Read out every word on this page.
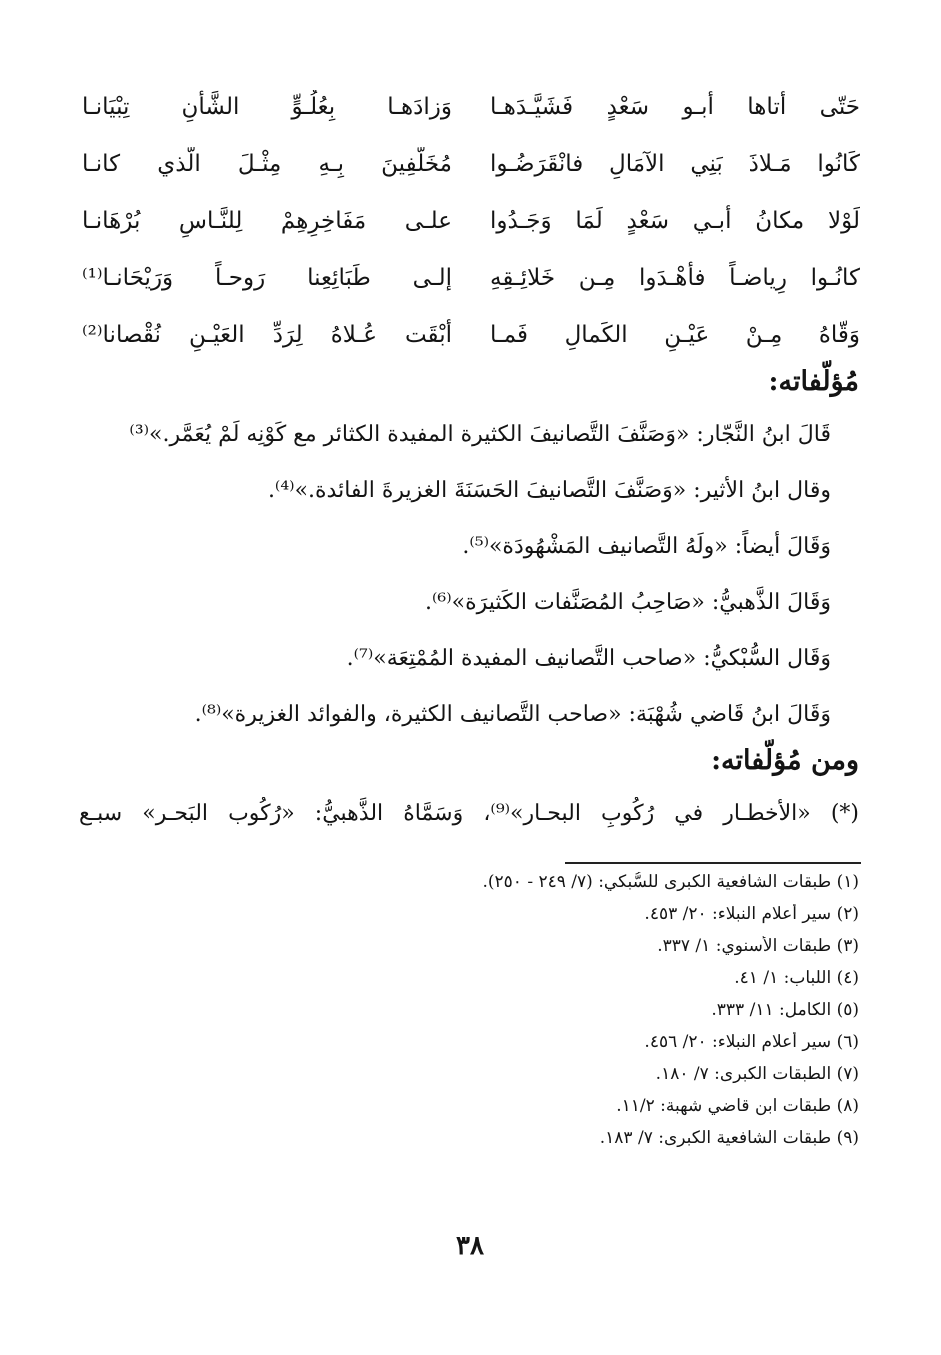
حَتّى أتاها أبـو سَعْدٍ فَشَيَّـدَهـا
وَزادَهـا بِعُلُـوٍّ الشَّأنِ تِبْيَانـا
كَانُوا مَـلاذَ بَنِي الآمَالِ فانْقَرَضُـوا
مُخَلَّفِينَ بِـهِ مِثْـلَ الَّذي كانـا
لَوْلا مكانُ أبـي سَعْدٍ لَمَا وَجَـدُوا
علـى مَفَاخِرِهِمْ لِلنَّـاسِ بُرْهَانـا
كانُـوا رِياضـاً فأهْـدَوا مِـن خَلائِـقِهِ
إلـى طَبَائِعِنا رَوحـاً وَرَيْحَانـا⁽¹⁾
وَقّاهُ مِـنْ عَيْـنِ الكَمالِ فَمـا
أبْقَت عُـلاهُ لِرَدِّ العَيْـنِ نُقْصانا⁽²⁾
مُؤلّفاته:
قَالَ ابنُ النَّجّار: «وَصَنَّفَ التَّصانيفَ الكثيرة المفيدة الكثائر مع كَوْنِه لَمْ يُعَمَّر.»⁽³⁾
وقال ابنُ الأثير: «وَصَنَّفَ التَّصانيفَ الحَسَنَةَ الغزيرةَ الفائدة.»⁽⁴⁾.
وَقَالَ أيضاً: «ولَهُ التَّصانيف المَشْهُودَة»⁽⁵⁾.
وَقَالَ الذَّهبيُّ: «صَاحِبُ المُصَنَّفات الكَثيرَة»⁽⁶⁾.
وَقَال السُّبْكيُّ: «صاحب التَّصانيف المفيدة المُمْتِعَة»⁽⁷⁾.
وَقَالَ ابنُ قَاضي شُهْبَة: «صاحب التَّصانيف الكثيرة، والفوائد الغزيرة»⁽⁸⁾.
ومن مُؤلّفاته:
(*) «الأخطـار في رُكُوبِ البحـار»⁽⁹⁾، وَسَمَّاهُ الذَّهبيُّ: «رُكُوب البَحـر» سبـع
(١) طبقات الشافعية الكبرى للسُّبكي: (٧/ ٢٤٩ - ٢٥٠).
(٢) سير أعلام النبلاء: ٢٠/ ٤٥٣.
(٣) طبقات الأسنوي: ١/ ٣٣٧.
(٤) اللباب: ١/ ٤١.
(٥) الكامل: ١١/ ٣٣٣.
(٦) سير أعلام النبلاء: ٢٠/ ٤٥٦.
(٧) الطبقات الكبرى: ٧/ ١٨٠.
(٨) طبقات ابن قاضي شهبة: ١١/٢.
(٩) طبقات الشافعية الكبرى: ٧/ ١٨٣.
٣٨
